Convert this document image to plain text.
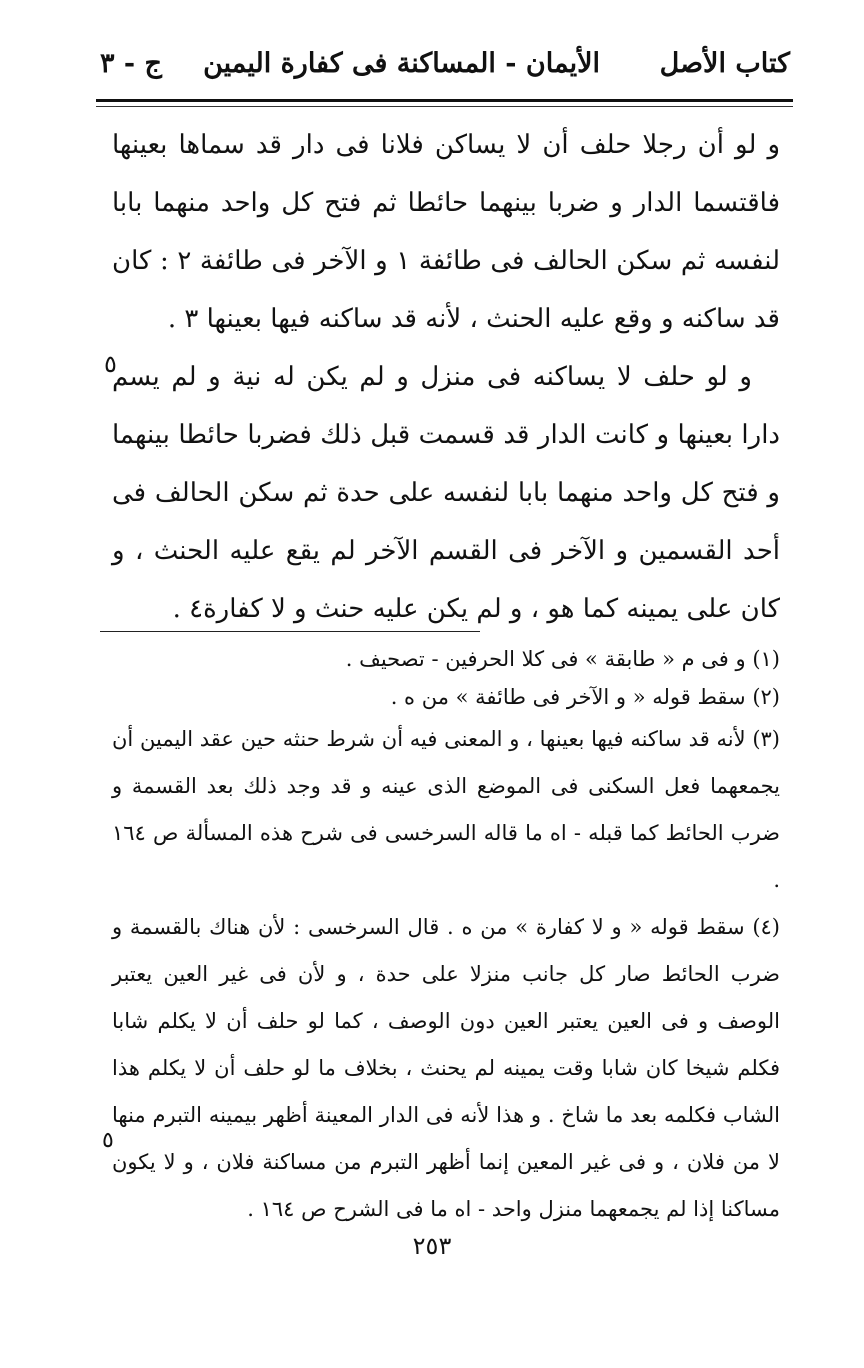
كتاب الأصل
الأيمان - المساكنة فى كفارة اليمين
ج - ٣

و لو أن رجلا حلف أن لا يساكن فلانا فى دار قد سماها بعينها فاقتسما الدار و ضربا بينهما حائطا ثم فتح كل واحد منهما بابا لنفسه ثم سكن الحالف فى طائفة ١ و الآخر فى طائفة ٢ : كان قد ساكنه و وقع عليه الحنث ، لأنه قد ساكنه فيها بعينها ٣ .

و لو حلف لا يساكنه فى منزل و لم يكن له نية و لم يسم دارا بعينها و كانت الدار قد قسمت قبل ذلك فضربا حائطا بينهما و فتح كل واحد منهما بابا لنفسه على حدة ثم سكن الحالف فى أحد القسمين و الآخر فى القسم الآخر لم يقع عليه الحنث ، و كان على يمينه كما هو ، و لم يكن عليه حنث و لا كفارة٤ .

٥

(١) و فى م « طابقة » فى كلا الحرفين - تصحيف .

(٢) سقط قوله « و الآخر فى طائفة » من ه .

(٣) لأنه قد ساكنه فيها بعينها ، و المعنى فيه أن شرط حنثه حين عقد اليمين أن يجمعهما فعل السكنى فى الموضع الذى عينه و قد وجد ذلك بعد القسمة و ضرب الحائط كما قبله - اه ما قاله السرخسى فى شرح هذه المسألة ص ١٦٤ .

(٤) سقط قوله « و لا كفارة » من ه . قال السرخسى : لأن هناك بالقسمة و ضرب الحائط صار كل جانب منزلا على حدة ، و لأن فى غير العين يعتبر الوصف و فى العين يعتبر العين دون الوصف ، كما لو حلف أن لا يكلم شابا فكلم شيخا كان شابا وقت يمينه لم يحنث ، بخلاف ما لو حلف أن لا يكلم هذا الشاب فكلمه بعد ما شاخ . و هذا لأنه فى الدار المعينة أظهر بيمينه التبرم منها لا من فلان ، و فى غير المعين إنما أظهر التبرم من مساكنة فلان ، و لا يكون مساكنا إذا لم يجمعهما منزل واحد - اه ما فى الشرح ص ١٦٤ .

٥
٢٥٣
